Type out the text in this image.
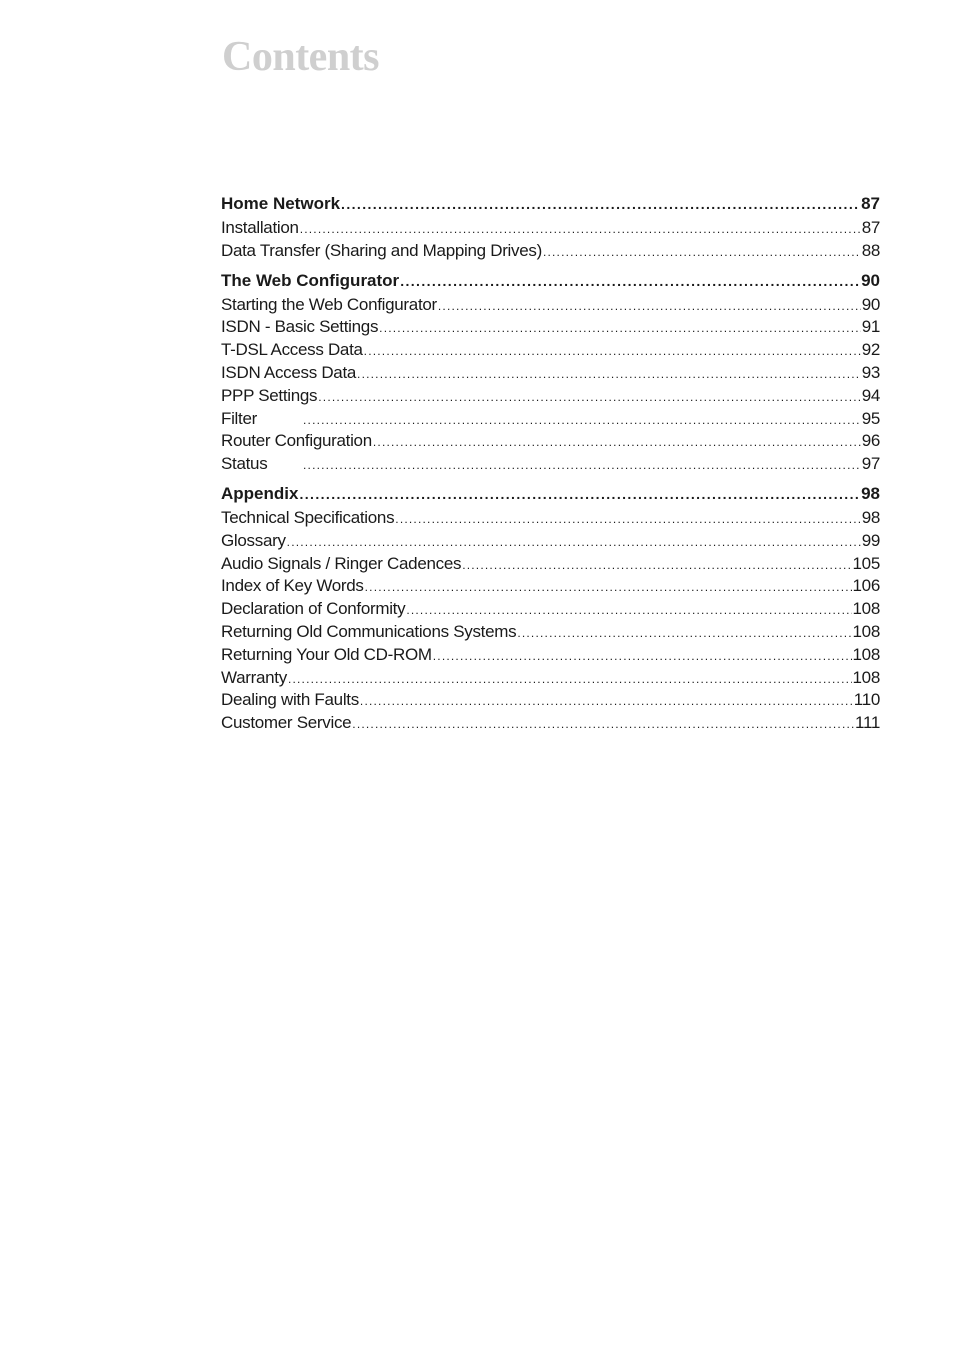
Contents
Home Network .....	87
Installation .....	87
Data Transfer (Sharing and Mapping Drives) .....	88
The Web Configurator .....	90
Starting the Web Configurator .....	90
ISDN - Basic Settings .....	91
T-DSL Access Data .....	92
ISDN Access Data .....	93
PPP Settings .....	94
Filter .....	95
Router Configuration .....	96
Status .....	97
Appendix .....	98
Technical Specifications .....	98
Glossary .....	99
Audio Signals / Ringer Cadences .....	105
Index of Key Words .....	106
Declaration of Conformity .....	108
Returning Old Communications Systems .....	108
Returning Your Old CD-ROM .....	108
Warranty .....	108
Dealing with Faults .....	110
Customer Service .....	111
